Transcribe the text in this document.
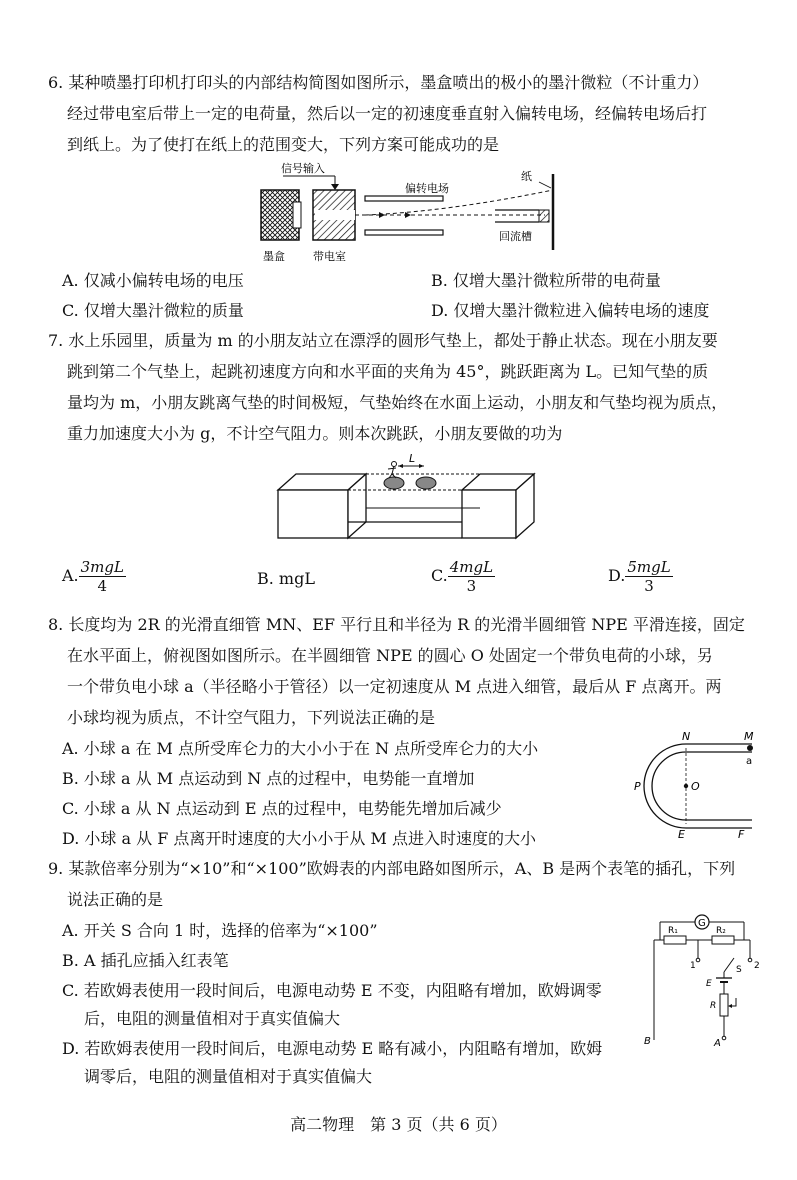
6. 某种喷墨打印机打印头的内部结构简图如图所示，墨盒喷出的极小的墨汁微粒（不计重力）
经过带电室后带上一定的电荷量，然后以一定的初速度垂直射入偏转电场，经偏转电场后打
到纸上。为了使打在纸上的范围变大，下列方案可能成功的是
信号输入
偏转电场
回流槽
纸
墨盒	带电室
A. 仅减小偏转电场的电压	B. 仅增大墨汁微粒所带的电荷量
C. 仅增大墨汁微粒的质量	D. 仅增大墨汁微粒进入偏转电场的速度
7. 水上乐园里，质量为 m 的小朋友站立在漂浮的圆形气垫上，都处于静止状态。现在小朋友要
跳到第二个气垫上，起跳初速度方向和水平面的夹角为 45°，跳跃距离为 L。已知气垫的质
量均为 m，小朋友跳离气垫的时间极短，气垫始终在水面上运动，小朋友和气垫均视为质点，
重力加速度大小为 g，不计空气阻力。则本次跳跃，小朋友要做的功为
L
A. $\frac{\text{3mgL}}{4}$	B. mgL	C. $\frac{\text{4mgL}}{3}$	D. $\frac{\text{5mgL}}{3}$
8. 长度均为 2R 的光滑直细管 MN、EF 平行且和半径为 R 的光滑半圆细管 NPE 平滑连接，固定
在水平面上，俯视图如图所示。在半圆细管 NPE 的圆心 O 处固定一个带负电荷的小球，另
一个带负电小球 a（半径略小于管径）以一定初速度从 M 点进入细管，最后从 F 点离开。两
小球均视为质点，不计空气阻力，下列说法正确的是
A. 小球 a 在 M 点所受库仑力的大小小于在 N 点所受库仑力的大小
B. 小球 a 从 M 点运动到 N 点的过程中，电势能一直增加
C. 小球 a 从 N 点运动到 E 点的过程中，电势能先增加后减少
D. 小球 a 从 F 点离开时速度的大小小于从 M 点进入时速度的大小
N	M
a
P	O
E	F
9. 某款倍率分别为“×10”和“×100”欧姆表的内部电路如图所示，A、B 是两个表笔的插孔，下列
说法正确的是
A. 开关 S 合向 1 时，选择的倍率为“×100”
B. A 插孔应插入红表笔
C. 若欧姆表使用一段时间后，电源电动势 E 不变，内阻略有增加，欧姆调零
后，电阻的测量值相对于真实值偏大
D. 若欧姆表使用一段时间后，电源电动势 E 略有减小，内阻略有增加，欧姆
调零后，电阻的测量值相对于真实值偏大
G
R₁	R₂
B
1	2
S
E
R
A
高二物理　第 3 页（共 6 页）
